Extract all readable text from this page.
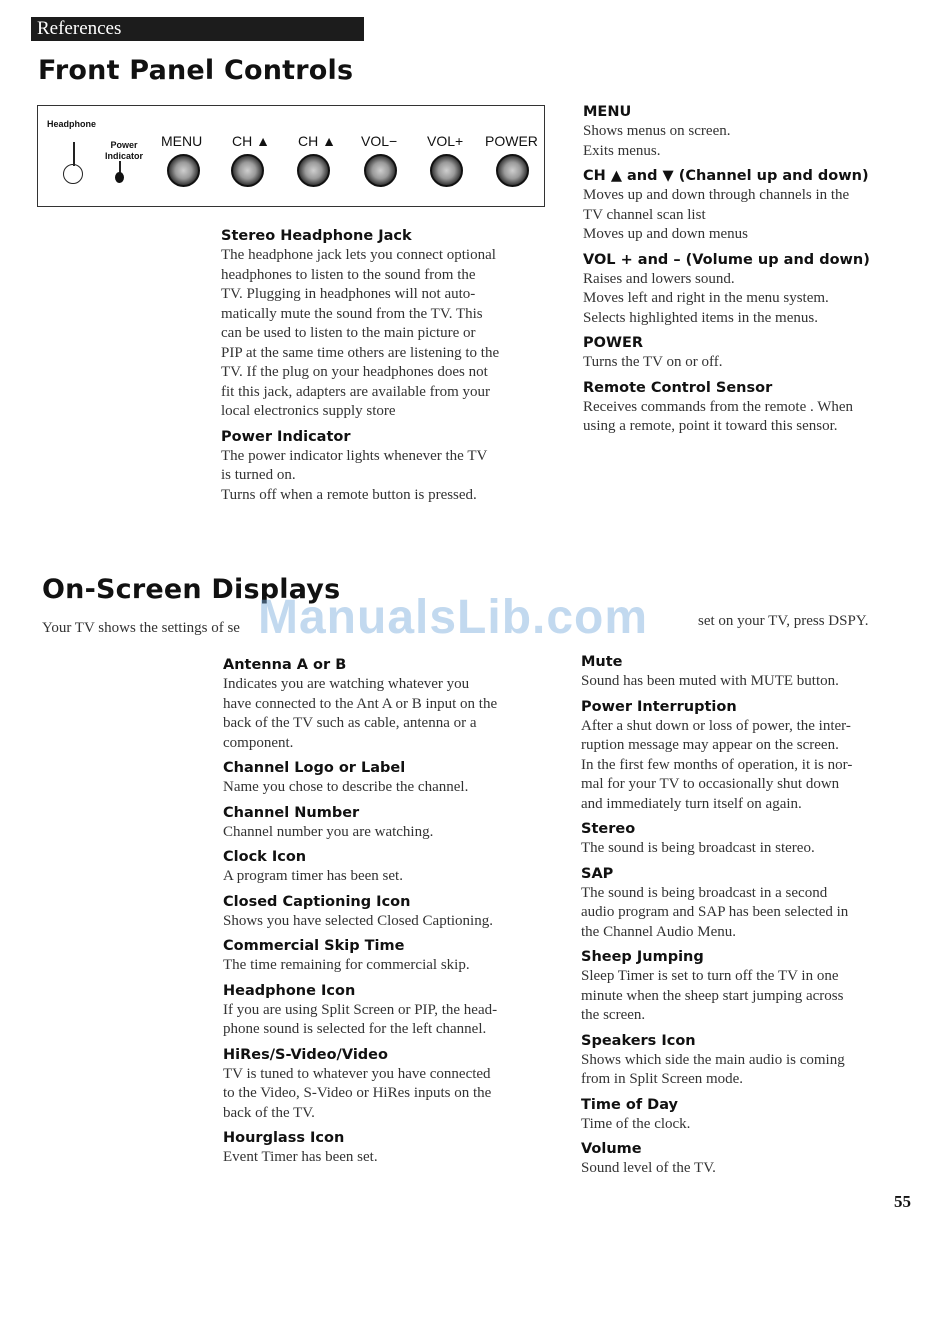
References
Front Panel Controls
Headphone
Power Indicator
MENU CH ▲ CH ▲ VOL− VOL+ POWER
Stereo Headphone Jack
The headphone jack lets you connect optional
headphones to listen to the sound from the
TV. Plugging in headphones will not auto-
matically mute the sound from the TV. This
can be used to listen to the main picture or
PIP at the same time others are listening to the
TV. If the plug on your headphones does not
fit this jack, adapters are available from your
local electronics supply store
Power Indicator
The power indicator lights whenever the TV
is turned on.
Turns off when a remote button is pressed.
MENU
Shows menus on screen.
Exits menus.
CH ▲ and ▼ (Channel up and down)
Moves up and down through channels in the
TV channel scan list
Moves up and down menus
VOL + and – (Volume up and down)
Raises and lowers sound.
Moves left and right in the menu system.
Selects highlighted items in the menus.
POWER
Turns the TV on or off.
Remote Control Sensor
Receives commands from the remote . When
using a remote, point it toward this sensor.
On-Screen Displays
ManualsLib.com
Your TV shows the settings of se	set on your TV, press DSPY.
Antenna A or B
Indicates you are watching whatever you
have connected to the Ant A or B input on the
back of the TV such as cable, antenna or a
component.
Channel Logo or Label
Name you chose to describe the channel.
Channel Number
Channel number you are watching.
Clock Icon
A program timer has been set.
Closed Captioning Icon
Shows you have selected Closed Captioning.
Commercial Skip Time
The time remaining for commercial skip.
Headphone Icon
If you are using Split Screen or PIP, the head-
phone sound is selected for the left channel.
HiRes/S-Video/Video
TV is tuned to whatever you have connected
to the Video, S-Video or HiRes inputs on the
back of the TV.
Hourglass Icon
Event Timer has been set.
Mute
Sound has been muted with MUTE button.
Power Interruption
After a shut down or loss of power, the inter-
ruption message may appear on the screen.
In the first few months of operation, it is nor-
mal for your TV to occasionally shut down
and immediately turn itself on again.
Stereo
The sound is being broadcast in stereo.
SAP
The sound is being broadcast in a second
audio program and SAP has been selected in
the Channel Audio Menu.
Sheep Jumping
Sleep Timer is set to turn off the TV in one
minute when the sheep start jumping across
the screen.
Speakers Icon
Shows which side the main audio is coming
from in Split Screen mode.
Time of Day
Time of the clock.
Volume
Sound level of the TV.
55
